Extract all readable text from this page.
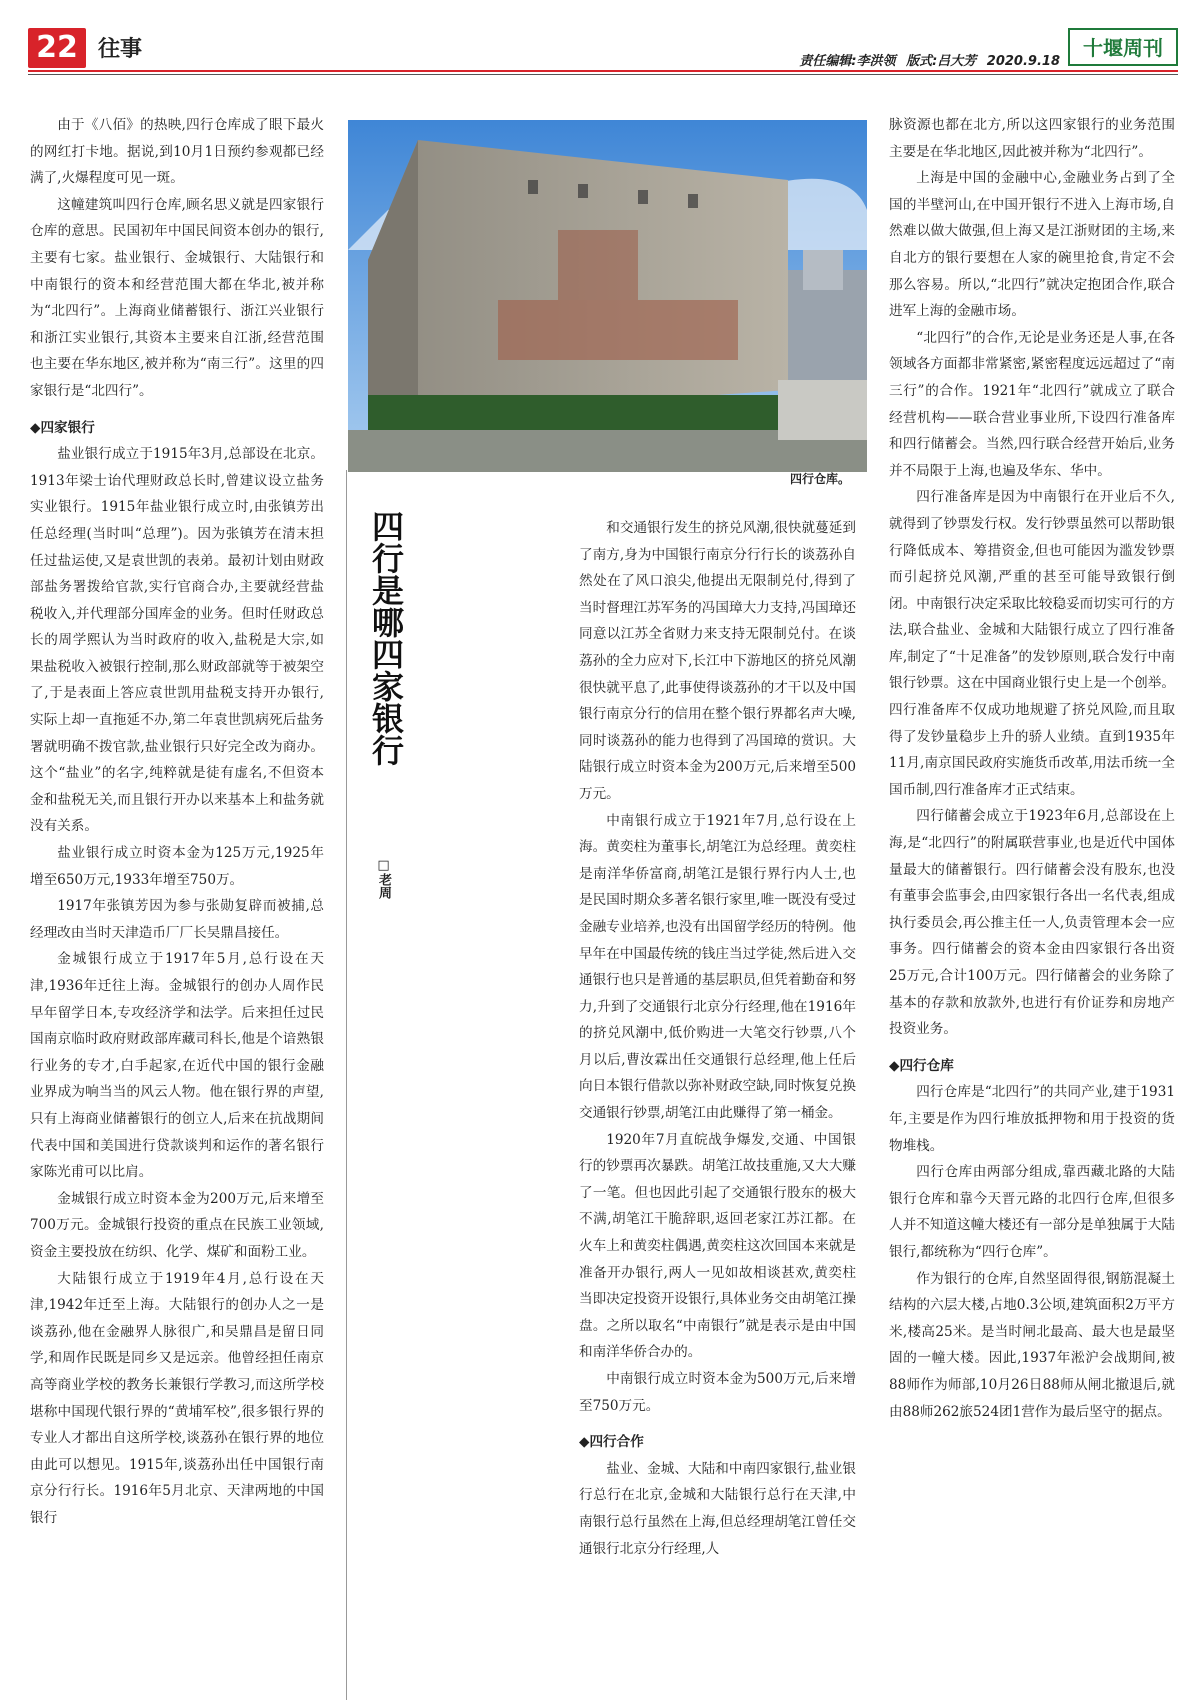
22 往事	责任编辑:李洪领 版式:吕大芳 2020.9.18
十堰周刊

由于《八佰》的热映,四行仓库成了眼下最火的网红打卡地。据说,到10月1日预约参观都已经满了,火爆程度可见一斑。

这幢建筑叫四行仓库,顾名思义就是四家银行仓库的意思。民国初年中国民间资本创办的银行,主要有七家。盐业银行、金城银行、大陆银行和中南银行的资本和经营范围大都在华北,被并称为“北四行”。上海商业储蓄银行、浙江兴业银行和浙江实业银行,其资本主要来自江浙,经营范围也主要在华东地区,被并称为“南三行”。这里的四家银行是“北四行”。

◆四家银行

盐业银行成立于1915年3月,总部设在北京。1913年梁士诒代理财政总长时,曾建议设立盐务实业银行。1915年盐业银行成立时,由张镇芳出任总经理(当时叫“总理”)。因为张镇芳在清末担任过盐运使,又是袁世凯的表弟。最初计划由财政部盐务署拨给官款,实行官商合办,主要就经营盐税收入,并代理部分国库金的业务。但时任财政总长的周学熙认为当时政府的收入,盐税是大宗,如果盐税收入被银行控制,那么财政部就等于被架空了,于是表面上答应袁世凯用盐税支持开办银行,实际上却一直拖延不办,第二年袁世凯病死后盐务署就明确不拨官款,盐业银行只好完全改为商办。这个“盐业”的名字,纯粹就是徒有虚名,不但资本金和盐税无关,而且银行开办以来基本上和盐务就没有关系。

盐业银行成立时资本金为125万元,1925年增至650万元,1933年增至750万。

1917年张镇芳因为参与张勋复辟而被捕,总经理改由当时天津造币厂厂长吴鼎昌接任。

金城银行成立于1917年5月,总行设在天津,1936年迁往上海。金城银行的创办人周作民早年留学日本,专攻经济学和法学。后来担任过民国南京临时政府财政部库藏司科长,他是个谙熟银行业务的专才,白手起家,在近代中国的银行金融业界成为响当当的风云人物。他在银行界的声望,只有上海商业储蓄银行的创立人,后来在抗战期间代表中国和美国进行贷款谈判和运作的著名银行家陈光甫可以比肩。

金城银行成立时资本金为200万元,后来增至700万元。金城银行投资的重点在民族工业领域,资金主要投放在纺织、化学、煤矿和面粉工业。

大陆银行成立于1919年4月,总行设在天津,1942年迁至上海。大陆银行的创办人之一是谈荔孙,他在金融界人脉很广,和吴鼎昌是留日同学,和周作民既是同乡又是远亲。他曾经担任南京高等商业学校的教务长兼银行学教习,而这所学校堪称中国现代银行界的“黄埔军校”,很多银行界的专业人才都出自这所学校,谈荔孙在银行界的地位由此可以想见。1915年,谈荔孙出任中国银行南京分行行长。1916年5月北京、天津两地的中国银行

四行仓库。
四行是哪四家银行
□老周

和交通银行发生的挤兑风潮,很快就蔓延到了南方,身为中国银行南京分行行长的谈荔孙自然处在了风口浪尖,他提出无限制兑付,得到了当时督理江苏军务的冯国璋大力支持,冯国璋还同意以江苏全省财力来支持无限制兑付。在谈荔孙的全力应对下,长江中下游地区的挤兑风潮很快就平息了,此事使得谈荔孙的才干以及中国银行南京分行的信用在整个银行界都名声大噪,同时谈荔孙的能力也得到了冯国璋的赏识。大陆银行成立时资本金为200万元,后来增至500万元。

中南银行成立于1921年7月,总行设在上海。黄奕柱为董事长,胡笔江为总经理。黄奕柱是南洋华侨富商,胡笔江是银行界行内人士,也是民国时期众多著名银行家里,唯一既没有受过金融专业培养,也没有出国留学经历的特例。他早年在中国最传统的钱庄当过学徒,然后进入交通银行也只是普通的基层职员,但凭着勤奋和努力,升到了交通银行北京分行经理,他在1916年的挤兑风潮中,低价购进一大笔交行钞票,八个月以后,曹汝霖出任交通银行总经理,他上任后向日本银行借款以弥补财政空缺,同时恢复兑换交通银行钞票,胡笔江由此赚得了第一桶金。

1920年7月直皖战争爆发,交通、中国银行的钞票再次暴跌。胡笔江故技重施,又大大赚了一笔。但也因此引起了交通银行股东的极大不满,胡笔江干脆辞职,返回老家江苏江都。在火车上和黄奕柱偶遇,黄奕柱这次回国本来就是准备开办银行,两人一见如故相谈甚欢,黄奕柱当即决定投资开设银行,具体业务交由胡笔江操盘。之所以取名“中南银行”就是表示是由中国和南洋华侨合办的。

中南银行成立时资本金为500万元,后来增至750万元。

◆四行合作

盐业、金城、大陆和中南四家银行,盐业银行总行在北京,金城和大陆银行总行在天津,中南银行总行虽然在上海,但总经理胡笔江曾任交通银行北京分行经理,人

脉资源也都在北方,所以这四家银行的业务范围主要是在华北地区,因此被并称为“北四行”。

上海是中国的金融中心,金融业务占到了全国的半壁河山,在中国开银行不进入上海市场,自然难以做大做强,但上海又是江浙财团的主场,来自北方的银行要想在人家的碗里抢食,肯定不会那么容易。所以,“北四行”就决定抱团合作,联合进军上海的金融市场。

“北四行”的合作,无论是业务还是人事,在各领域各方面都非常紧密,紧密程度远远超过了“南三行”的合作。1921年“北四行”就成立了联合经营机构——联合营业事业所,下设四行准备库和四行储蓄会。当然,四行联合经营开始后,业务并不局限于上海,也遍及华东、华中。

四行准备库是因为中南银行在开业后不久,就得到了钞票发行权。发行钞票虽然可以帮助银行降低成本、筹措资金,但也可能因为滥发钞票而引起挤兑风潮,严重的甚至可能导致银行倒闭。中南银行决定采取比较稳妥而切实可行的方法,联合盐业、金城和大陆银行成立了四行准备库,制定了“十足准备”的发钞原则,联合发行中南银行钞票。这在中国商业银行史上是一个创举。四行准备库不仅成功地规避了挤兑风险,而且取得了发钞量稳步上升的骄人业绩。直到1935年11月,南京国民政府实施货币改革,用法币统一全国币制,四行准备库才正式结束。

四行储蓄会成立于1923年6月,总部设在上海,是“北四行”的附属联营事业,也是近代中国体量最大的储蓄银行。四行储蓄会没有股东,也没有董事会监事会,由四家银行各出一名代表,组成执行委员会,再公推主任一人,负责管理本会一应事务。四行储蓄会的资本金由四家银行各出资25万元,合计100万元。四行储蓄会的业务除了基本的存款和放款外,也进行有价证券和房地产投资业务。

◆四行仓库

四行仓库是“北四行”的共同产业,建于1931年,主要是作为四行堆放抵押物和用于投资的货物堆栈。

四行仓库由两部分组成,靠西藏北路的大陆银行仓库和靠今天晋元路的北四行仓库,但很多人并不知道这幢大楼还有一部分是单独属于大陆银行,都统称为“四行仓库”。

作为银行的仓库,自然坚固得很,钢筋混凝土结构的六层大楼,占地0.3公顷,建筑面积2万平方米,楼高25米。是当时闸北最高、最大也是最坚固的一幢大楼。因此,1937年淞沪会战期间,被88师作为师部,10月26日88师从闸北撤退后,就由88师262旅524团1营作为最后坚守的据点。
